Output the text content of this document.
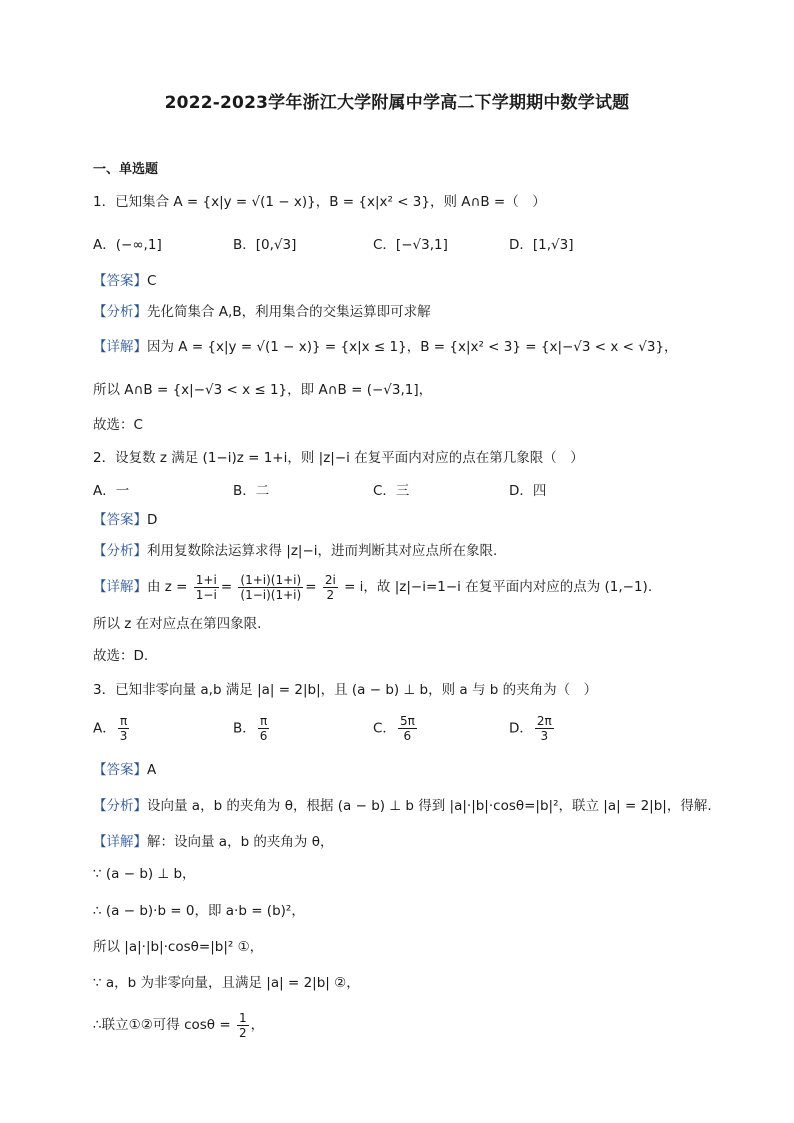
2022-2023学年浙江大学附属中学高二下学期期中数学试题
一、单选题
1．已知集合 A = {x|y = √(1 − x)}，B = {x|x² < 3}，则 A∩B =（　）
A．(−∞,1]	B．[0,√3]	C．[−√3,1]	D．[1,√3]
【答案】C
【分析】先化简集合 A,B，利用集合的交集运算即可求解
【详解】因为 A = {x|y = √(1 − x)} = {x|x ≤ 1}，B = {x|x² < 3} = {x|−√3 < x < √3}，
所以 A∩B = {x|−√3 < x ≤ 1}，即 A∩B = (−√3,1]，
故选：C
2．设复数 z 满足 (1−i)z = 1+i，则 |z|−i 在复平面内对应的点在第几象限（　）
A．一	B．二	C．三	D．四
【答案】D
【分析】利用复数除法运算求得 |z|−i，进而判断其对应点所在象限.
【详解】由 $z = \frac{1+i}{1-i} = \frac{(1+i)(1+i)}{(1-i)(1+i)} = \frac{2i}{2} = i$，故 |z|−i=1−i 在复平面内对应的点为 (1,−1).
所以 z 在对应点在第四象限.
故选：D.
3．已知非零向量 a,b 满足 |a| = 2|b|，且 (a − b) ⊥ b，则 a 与 b 的夹角为（　）
A． $\frac{\pi}{3}$	B． $\frac{\pi}{6}$	C． $\frac{5\pi}{6}$	D． $\frac{2\pi}{3}$
【答案】A
【分析】设向量 a，b 的夹角为 θ，根据 (a − b) ⊥ b 得到 |a|·|b|·cosθ=|b|²，联立 |a| = 2|b|，得解.
【详解】解：设向量 a，b 的夹角为 θ，
∵ (a − b) ⊥ b，
∴ (a − b)·b = 0，即 a·b = (b)²，
所以 |a|·|b|·cosθ=|b|² ①，
∵ a，b 为非零向量，且满足 |a| = 2|b| ②，
∴联立①②可得 $\cos\theta = \frac{1}{2}$ ，
